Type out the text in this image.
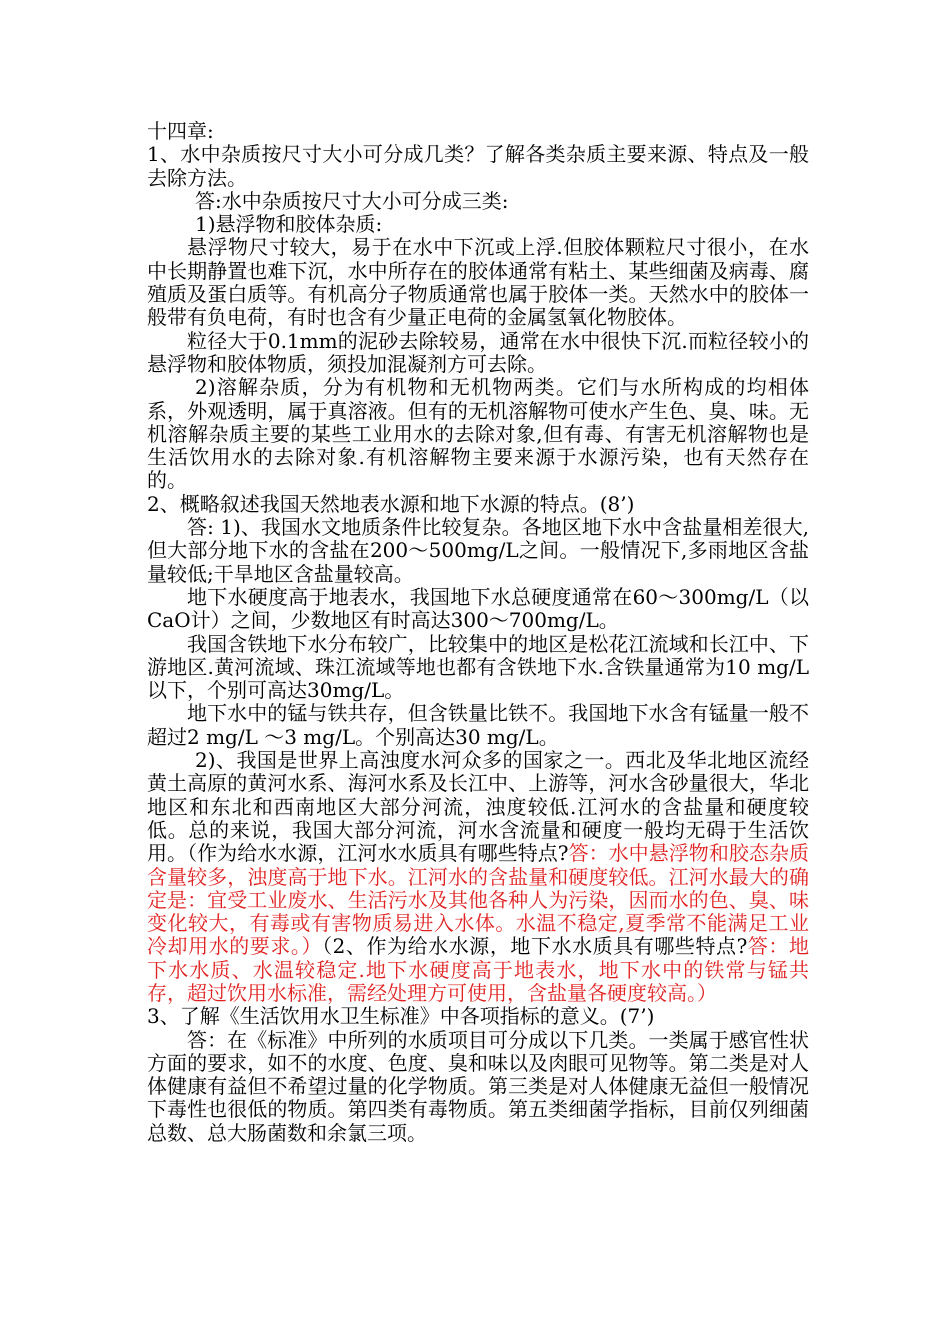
十四章:

1、水中杂质按尺寸大小可分成几类？了解各类杂质主要来源、特点及一般去除方法。

答:水中杂质按尺寸大小可分成三类:

1)悬浮物和胶体杂质:

悬浮物尺寸较大，易于在水中下沉或上浮.但胶体颗粒尺寸很小，在水中长期静置也难下沉，水中所存在的胶体通常有粘土、某些细菌及病毒、腐殖质及蛋白质等。有机高分子物质通常也属于胶体一类。天然水中的胶体一般带有负电荷，有时也含有少量正电荷的金属氢氧化物胶体。

粒径大于0.1mm的泥砂去除较易，通常在水中很快下沉.而粒径较小的悬浮物和胶体物质，须投加混凝剂方可去除。

2)溶解杂质，分为有机物和无机物两类。它们与水所构成的均相体系，外观透明，属于真溶液。但有的无机溶解物可使水产生色、臭、味。无机溶解杂质主要的某些工业用水的去除对象,但有毒、有害无机溶解物也是生活饮用水的去除对象.有机溶解物主要来源于水源污染，也有天然存在的。

2、概略叙述我国天然地表水源和地下水源的特点。(8’)

答: 1)、我国水文地质条件比较复杂。各地区地下水中含盐量相差很大,但大部分地下水的含盐在200～500mg/L之间。一般情况下,多雨地区含盐量较低;干旱地区含盐量较高。

地下水硬度高于地表水，我国地下水总硬度通常在60～300mg/L（以CaO计）之间，少数地区有时高达300～700mg/L。

我国含铁地下水分布较广，比较集中的地区是松花江流域和长江中、下游地区.黄河流域、珠江流域等地也都有含铁地下水.含铁量通常为10 mg/L以下，个别可高达30mg/L。

地下水中的锰与铁共存，但含铁量比铁不。我国地下水含有锰量一般不超过2 mg/L ～3 mg/L。个别高达30 mg/L。

2)、我国是世界上高浊度水河众多的国家之一。西北及华北地区流经黄土高原的黄河水系、海河水系及长江中、上游等，河水含砂量很大，华北地区和东北和西南地区大部分河流，浊度较低.江河水的含盐量和硬度较低。总的来说，我国大部分河流，河水含流量和硬度一般均无碍于生活饮用。（作为给水水源，江河水水质具有哪些特点?答：水中悬浮物和胶态杂质含量较多，浊度高于地下水。江河水的含盐量和硬度较低。江河水最大的确定是：宜受工业废水、生活污水及其他各种人为污染，因而水的色、臭、味变化较大，有毒或有害物质易进入水体。水温不稳定,夏季常不能满足工业冷却用水的要求。）（2、作为给水水源，地下水水质具有哪些特点?答：地下水水质、水温较稳定.地下水硬度高于地表水，地下水中的铁常与锰共存，超过饮用水标准，需经处理方可使用，含盐量各硬度较高。）

3、了解《生活饮用水卫生标准》中各项指标的意义。(7’)

答：在《标准》中所列的水质项目可分成以下几类。一类属于感官性状方面的要求，如不的水度、色度、臭和味以及肉眼可见物等。第二类是对人体健康有益但不希望过量的化学物质。第三类是对人体健康无益但一般情况下毒性也很低的物质。第四类有毒物质。第五类细菌学指标，目前仅列细菌总数、总大肠菌数和余氯三项。
